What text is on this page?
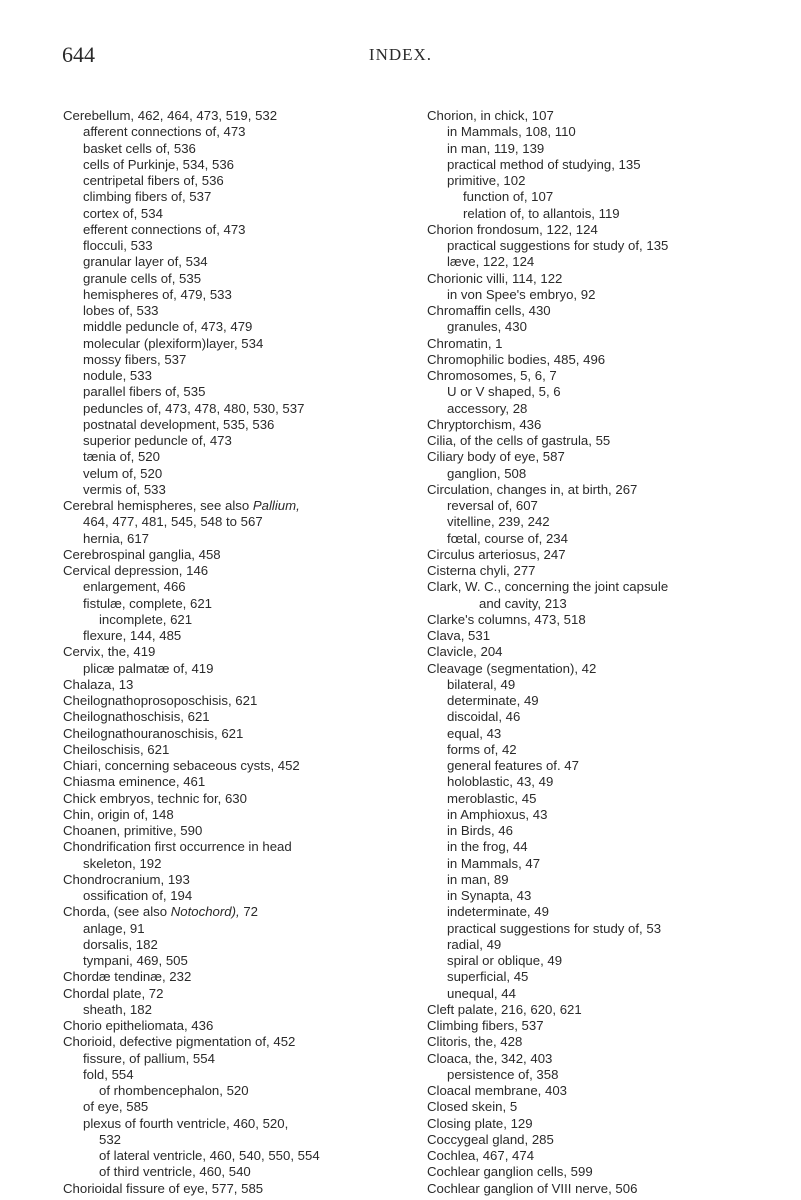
644	INDEX.
Cerebellum, 462, 464, 473, 519, 532
afferent connections of, 473
basket cells of, 536
cells of Purkinje, 534, 536
centripetal fibers of, 536
climbing fibers of, 537
cortex of, 534
efferent connections of, 473
flocculi, 533
granular layer of, 534
granule cells of, 535
hemispheres of, 479, 533
lobes of, 533
middle peduncle of, 473, 479
molecular (plexiform)layer, 534
mossy fibers, 537
nodule, 533
parallel fibers of, 535
peduncles of, 473, 478, 480, 530, 537
postnatal development, 535, 536
superior peduncle of, 473
tænia of, 520
velum of, 520
vermis of, 533
Cerebral hemispheres, see also Pallium,
464, 477, 481, 545, 548 to 567
hernia, 617
Cerebrospinal ganglia, 458
Cervical depression, 146
enlargement, 466
fistulæ, complete, 621
incomplete, 621
flexure, 144, 485
Cervix, the, 419
plicæ palmatæ of, 419
Chalaza, 13
Cheilognathoprosoposchisis, 621
Cheilognathoschisis, 621
Cheilognathouranoschisis, 621
Cheiloschisis, 621
Chiari, concerning sebaceous cysts, 452
Chiasma eminence, 461
Chick embryos, technic for, 630
Chin, origin of, 148
Choanen, primitive, 590
Chondrification first occurrence in head
skeleton, 192
Chondrocranium, 193
ossification of, 194
Chorda, (see also Notochord), 72
anlage, 91
dorsalis, 182
tympani, 469, 505
Chordæ tendinæ, 232
Chordal plate, 72
sheath, 182
Chorio epitheliomata, 436
Chorioid, defective pigmentation of, 452
fissure, of pallium, 554
fold, 554
of rhombencephalon, 520
of eye, 585
plexus of fourth ventricle, 460, 520,
532
of lateral ventricle, 460, 540, 550, 554
of third ventricle, 460, 540
Chorioidal fissure of eye, 577, 585
Chorion, in chick, 107
in Mammals, 108, 110
in man, 119, 139
practical method of studying, 135
primitive, 102
function of, 107
relation of, to allantois, 119
Chorion frondosum, 122, 124
practical suggestions for study of, 135
læve, 122, 124
Chorionic villi, 114, 122
in von Spee's embryo, 92
Chromaffin cells, 430
granules, 430
Chromatin, 1
Chromophilic bodies, 485, 496
Chromosomes, 5, 6, 7
U or V shaped, 5, 6
accessory, 28
Chryptorchism, 436
Cilia, of the cells of gastrula, 55
Ciliary body of eye, 587
ganglion, 508
Circulation, changes in, at birth, 267
reversal of, 607
vitelline, 239, 242
fœtal, course of, 234
Circulus arteriosus, 247
Cisterna chyli, 277
Clark, W. C., concerning the joint capsule
and cavity, 213
Clarke's columns, 473, 518
Clava, 531
Clavicle, 204
Cleavage (segmentation), 42
bilateral, 49
determinate, 49
discoidal, 46
equal, 43
forms of, 42
general features of. 47
holoblastic, 43, 49
meroblastic, 45
in Amphioxus, 43
in Birds, 46
in the frog, 44
in Mammals, 47
in man, 89
in Synapta, 43
indeterminate, 49
practical suggestions for study of, 53
radial, 49
spiral or oblique, 49
superficial, 45
unequal, 44
Cleft palate, 216, 620, 621
Climbing fibers, 537
Clitoris, the, 428
Cloaca, the, 342, 403
persistence of, 358
Cloacal membrane, 403
Closed skein, 5
Closing plate, 129
Coccygeal gland, 285
Cochlea, 467, 474
Cochlear ganglion cells, 599
Cochlear ganglion of VIII nerve, 506
